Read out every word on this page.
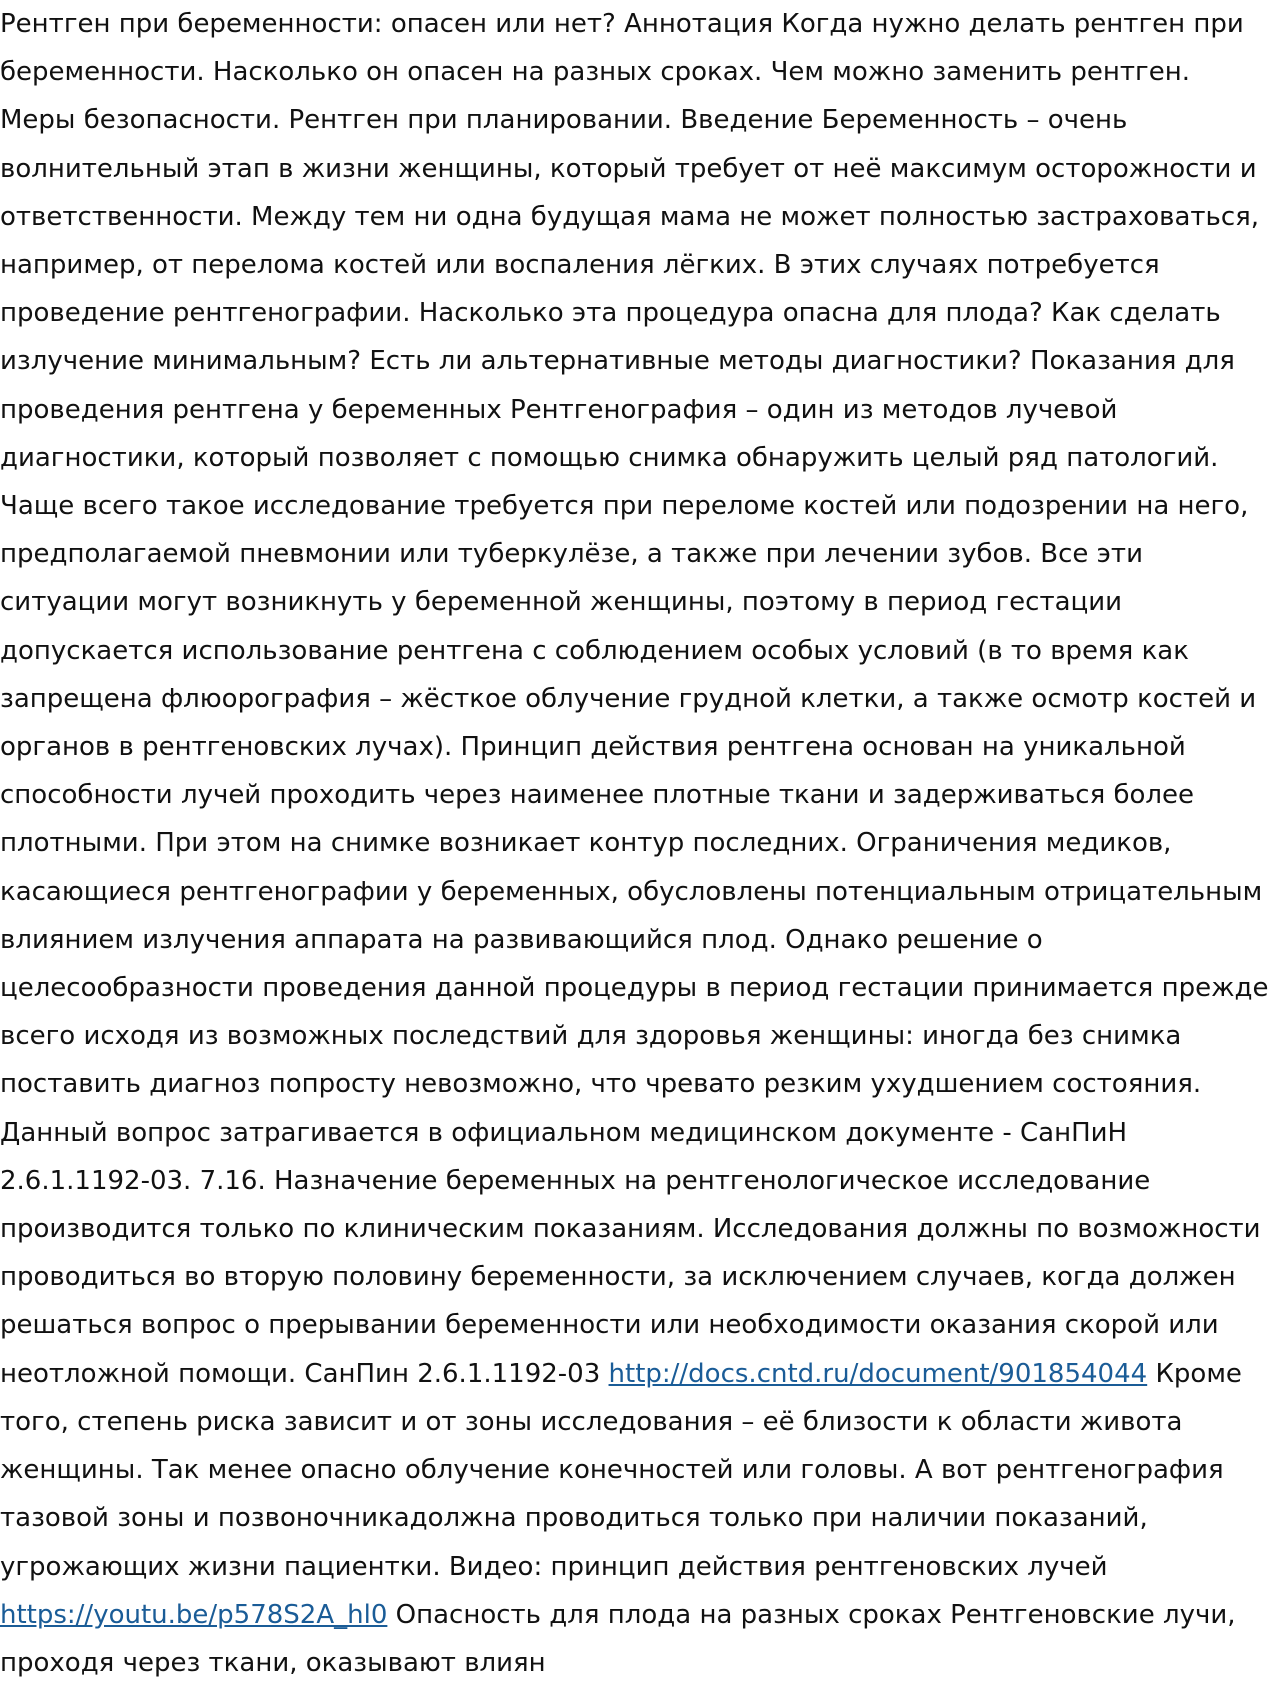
Рентген при беременности: опасен или нет? Аннотация Когда нужно делать рентген при беременности. Насколько он опасен на разных сроках. Чем можно заменить рентген. Меры безопасности. Рентген при планировании. Введение Беременность – очень волнительный этап в жизни женщины, который требует от неё максимум осторожности и ответственности. Между тем ни одна будущая мама не может полностью застраховаться, например, от перелома костей или воспаления лёгких. В этих случаях потребуется проведение рентгенографии. Насколько эта процедура опасна для плода? Как сделать излучение минимальным? Есть ли альтернативные методы диагностики? Показания для проведения рентгена у беременных Рентгенография – один из методов лучевой диагностики, который позволяет с помощью снимка обнаружить целый ряд патологий. Чаще всего такое исследование требуется при переломе костей или подозрении на него, предполагаемой пневмонии или туберкулёзе, а также при лечении зубов. Все эти ситуации могут возникнуть у беременной женщины, поэтому в период гестации допускается использование рентгена с соблюдением особых условий (в то время как запрещена флюорография – жёсткое облучение грудной клетки, а также осмотр костей и органов в рентгеновских лучах). Принцип действия рентгена основан на уникальной способности лучей проходить через наименее плотные ткани и задерживаться более плотными. При этом на снимке возникает контур последних. Ограничения медиков, касающиеся рентгенографии у беременных, обусловлены потенциальным отрицательным влиянием излучения аппарата на развивающийся плод. Однако решение о целесообразности проведения данной процедуры в период гестации принимается прежде всего исходя из возможных последствий для здоровья женщины: иногда без снимка поставить диагноз попросту невозможно, что чревато резким ухудшением состояния. Данный вопрос затрагивается в официальном медицинском документе - СанПиН 2.6.1.1192-03. 7.16. Назначение беременных на рентгенологическое исследование производится только по клиническим показаниям. Исследования должны по возможности проводиться во вторую половину беременности, за исключением случаев, когда должен решаться вопрос о прерывании беременности или необходимости оказания скорой или неотложной помощи. СанПин 2.6.1.1192-03 http://docs.cntd.ru/document/901854044 Кроме того, степень риска зависит и от зоны исследования – её близости к области живота женщины. Так менее опасно облучение конечностей или головы. А вот рентгенография тазовой зоны и позвоночникадолжна проводиться только при наличии показаний, угрожающих жизни пациентки. Видео: принцип действия рентгеновских лучей https://youtu.be/p578S2A_hl0 Опасность для плода на разных сроках Рентгеновские лучи, проходя через ткани, оказывают влиян
